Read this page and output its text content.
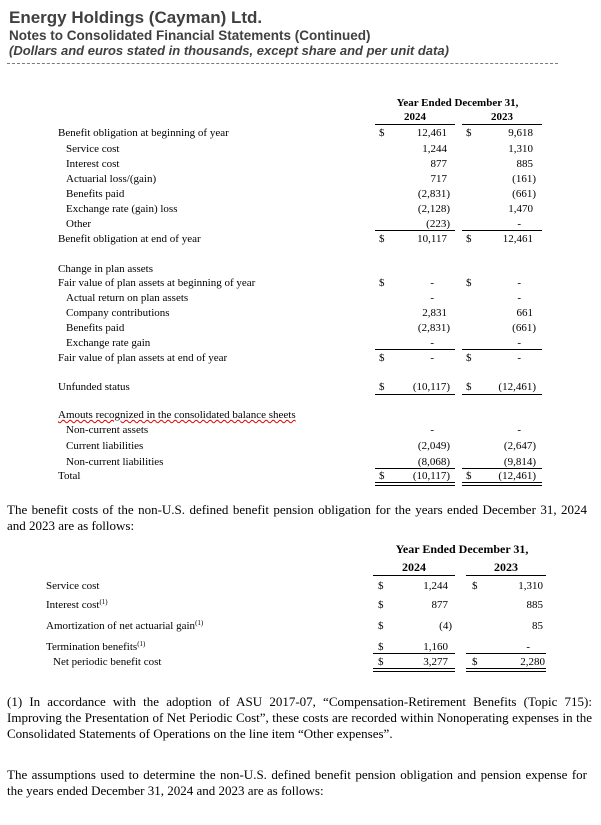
Energy Holdings (Cayman) Ltd.
Notes to Consolidated Financial Statements (Continued)
(Dollars and euros stated in thousands, except share and per unit data)
Year Ended December 31,
2024	2023
Benefit obligation at beginning of year	$	12,461 $	9,618
Service cost	1,244	1,310
Interest cost	877	885
Actuarial loss/(gain)	717	(161)
Benefits paid	(2,831)	(661)
Exchange rate (gain) loss	(2,128)	1,470
Other	(223)	-
Benefit obligation at end of year	$	10,117 $	12,461
Change in plan assets
Fair value of plan assets at beginning of year	$	-	$	-
Actual return on plan assets	-	-
Company contributions	2,831	661
Benefits paid	(2,831)	(661)
Exchange rate gain	-	-
Fair value of plan assets at end of year	$	-	$	-
Unfunded status	$	(10,117) $	(12,461)
Amouts recognized in the consolidated balance sheets
Non-current assets	-	-
Current liabilities	(2,049)	(2,647)
Non-current liabilities	(8,068)	(9,814)
Total	$	(10,117) $	(12,461)
The benefit costs of the non-U.S. defined benefit pension obligation for the years ended December 31, 2024 and 2023 are as follows:
Year Ended December 31,
2024	2023
Service cost	$	1,244 $	1,310
Interest cost$^{(1)}$	$	877	885
Amortization of net actuarial gain$^{(1)}$	$	(4)	85
Termination benefits$^{(1)}$	$	1,160	-
Net periodic benefit cost	$	3,277 $	2,280
(1) In accordance with the adoption of ASU 2017-07, “Compensation-Retirement Benefits (Topic 715): Improving the Presentation of Net Periodic Cost”, these costs are recorded within Nonoperating expenses in the Consolidated Statements of Operations on the line item “Other expenses”.
The assumptions used to determine the non-U.S. defined benefit pension obligation and pension expense for the years ended December 31, 2024 and 2023 are as follows:
